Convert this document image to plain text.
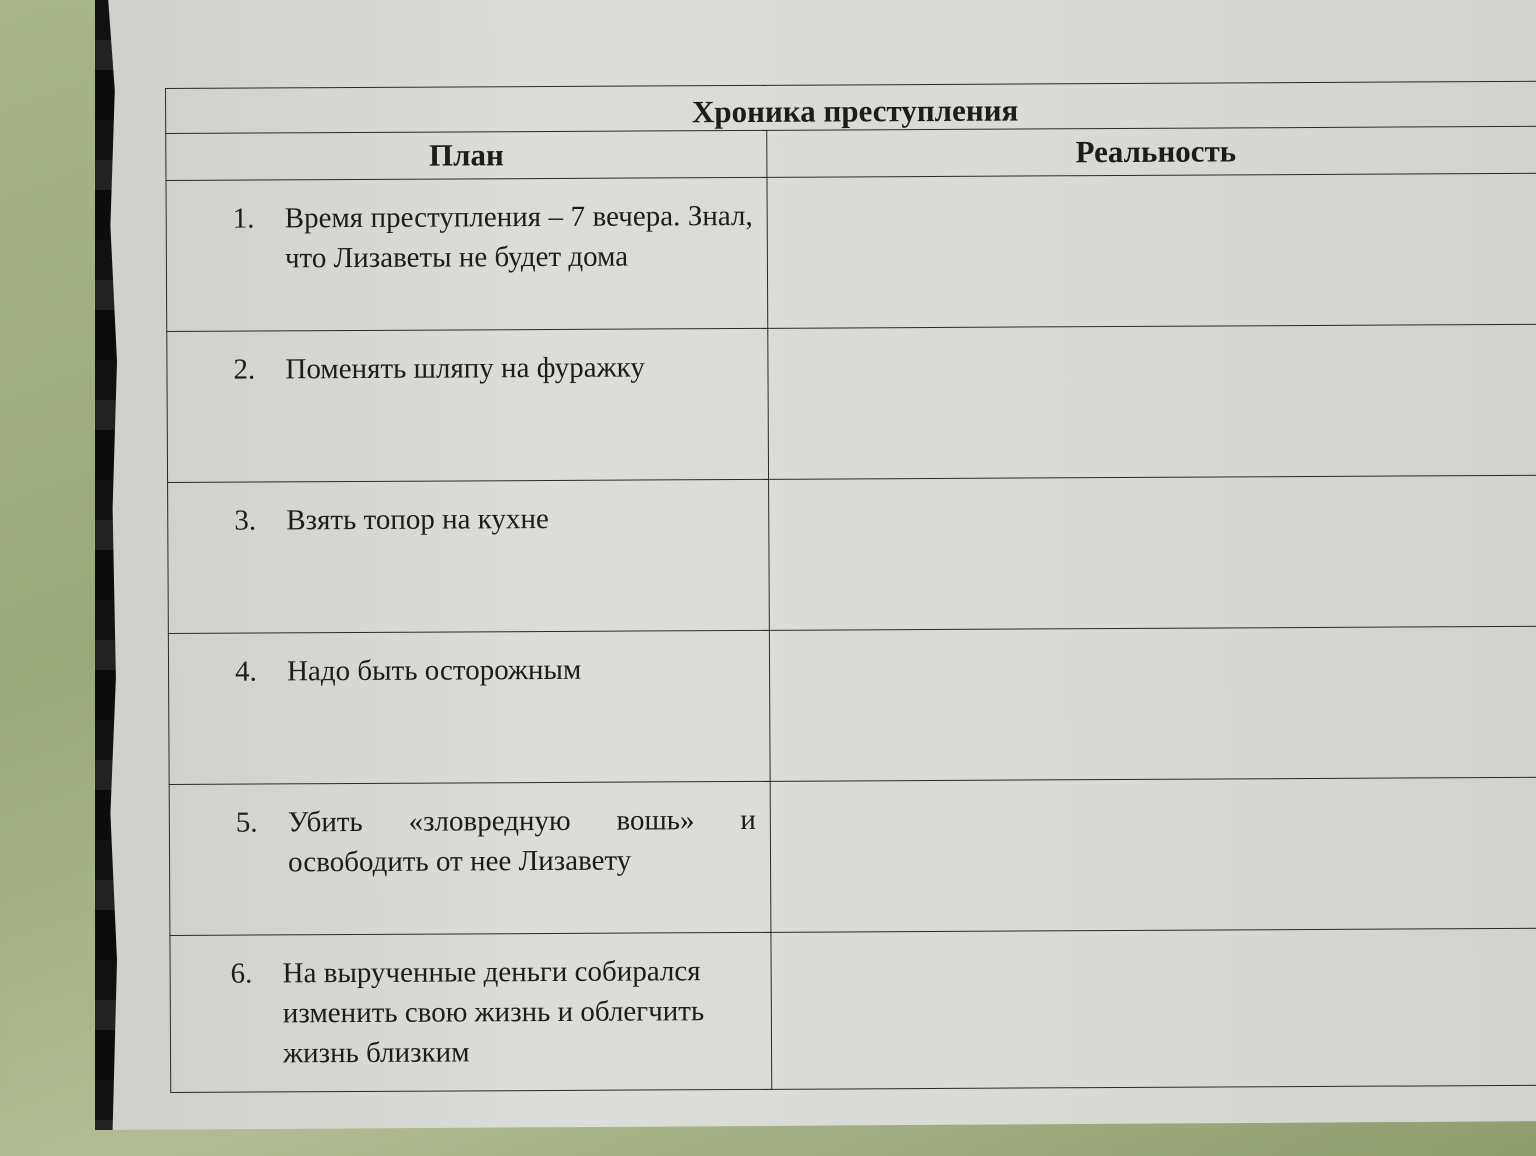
Хроника преступления	
План	Реальность

1. Время преступления – 7 вечера. Знал, что Лизаветы не будет дома	

2. Поменять шляпу на фуражку	

3. Взять топор на кухне	

4. Надо быть осторожным	

5. Убить «зловредную вошь» и освободить от нее Лизавету	

6. На вырученные деньги собирался изменить свою жизнь и облегчить жизнь близким	
